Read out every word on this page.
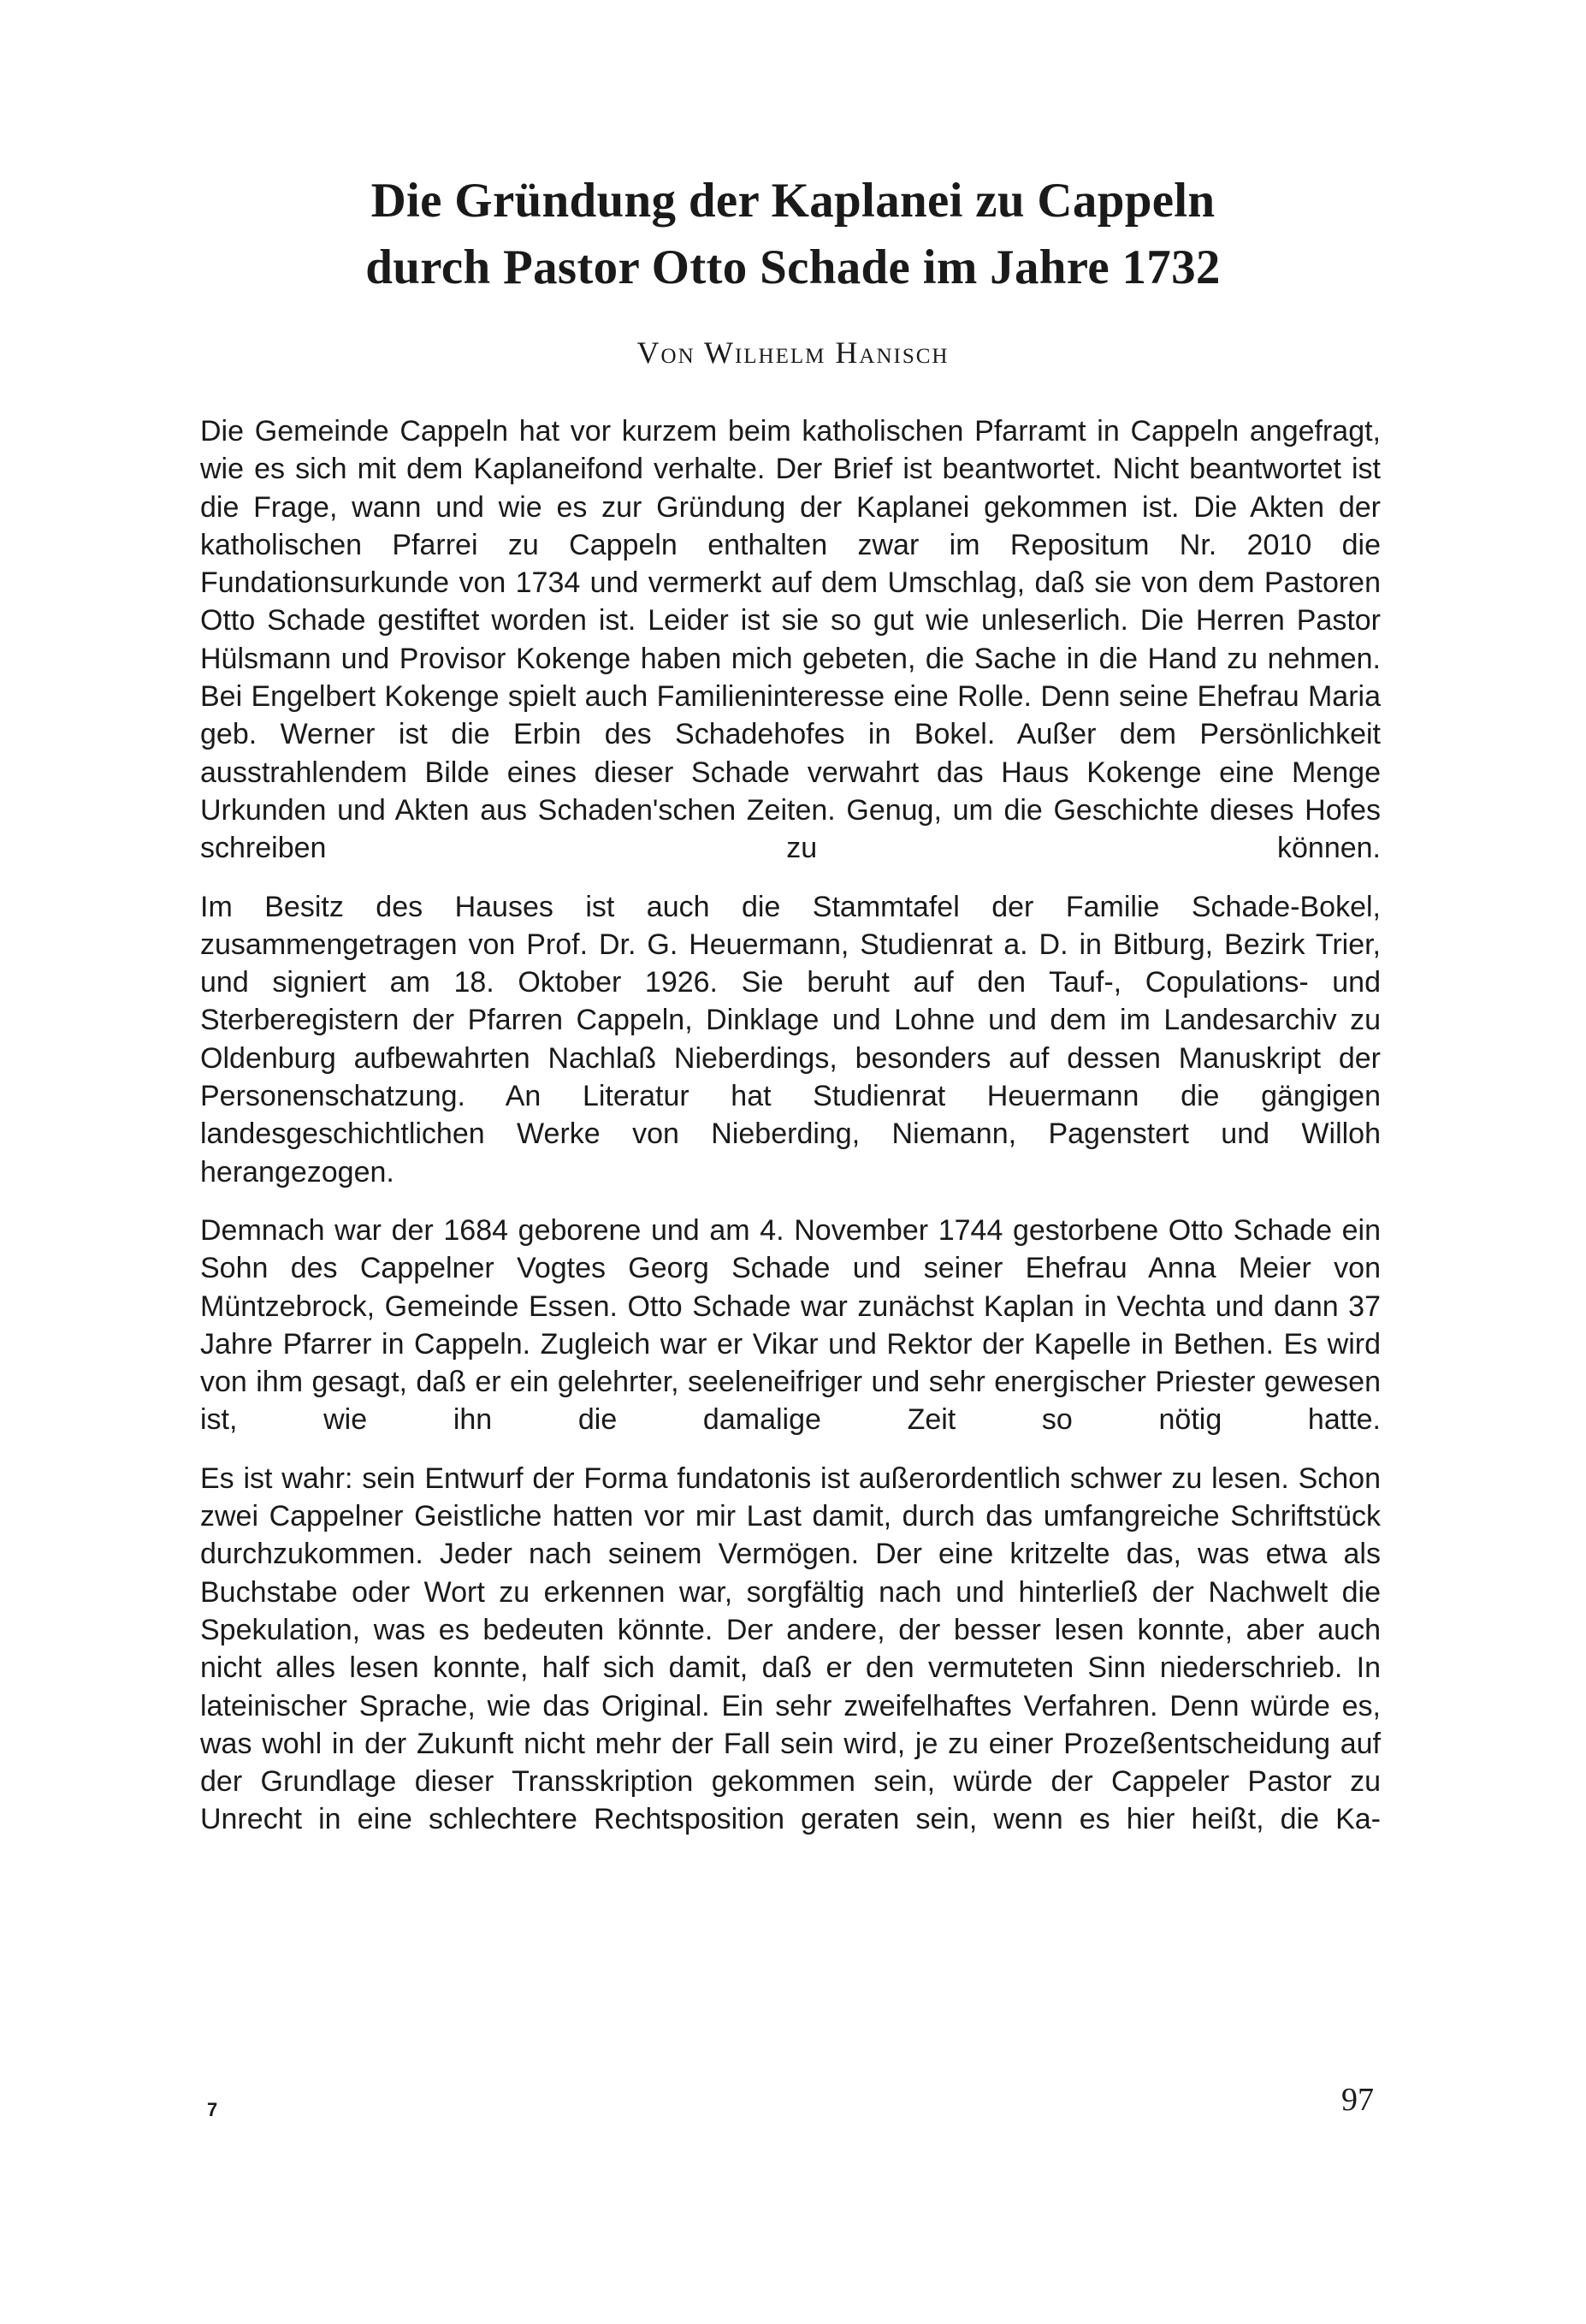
Die Gründung der Kaplanei zu Cappeln
durch Pastor Otto Schade im Jahre 1732

Von Wilhelm Hanisch

Die Gemeinde Cappeln hat vor kurzem beim katholischen Pfarramt in Cappeln angefragt, wie es sich mit dem Kaplaneifond verhalte. Der Brief ist beantwortet. Nicht beantwortet ist die Frage, wann und wie es zur Gründung der Kaplanei gekommen ist. Die Akten der katholischen Pfarrei zu Cappeln enthalten zwar im Repositum Nr. 2010 die Fundationsurkunde von 1734 und vermerkt auf dem Umschlag, daß sie von dem Pastoren Otto Schade gestiftet worden ist. Leider ist sie so gut wie unleserlich. Die Herren Pastor Hülsmann und Provisor Kokenge haben mich gebeten, die Sache in die Hand zu nehmen. Bei Engelbert Kokenge spielt auch Familieninteresse eine Rolle. Denn seine Ehefrau Maria geb. Werner ist die Erbin des Schadehofes in Bokel. Außer dem Persönlichkeit ausstrahlendem Bilde eines dieser Schade verwahrt das Haus Kokenge eine Menge Urkunden und Akten aus Schaden'schen Zeiten. Genug, um die Geschichte dieses Hofes schreiben zu können.

Im Besitz des Hauses ist auch die Stammtafel der Familie Schade-Bokel, zusammengetragen von Prof. Dr. G. Heuermann, Studienrat a. D. in Bitburg, Bezirk Trier, und signiert am 18. Oktober 1926. Sie beruht auf den Tauf-, Copulations- und Sterberegistern der Pfarren Cappeln, Dinklage und Lohne und dem im Landesarchiv zu Oldenburg aufbewahrten Nachlaß Nieberdings, besonders auf dessen Manuskript der Personenschatzung. An Literatur hat Studienrat Heuermann die gängigen landesgeschichtlichen Werke von Nieberding, Niemann, Pagenstert und Willoh herangezogen.

Demnach war der 1684 geborene und am 4. November 1744 gestorbene Otto Schade ein Sohn des Cappelner Vogtes Georg Schade und seiner Ehefrau Anna Meier von Müntzebrock, Gemeinde Essen. Otto Schade war zunächst Kaplan in Vechta und dann 37 Jahre Pfarrer in Cappeln. Zugleich war er Vikar und Rektor der Kapelle in Bethen. Es wird von ihm gesagt, daß er ein gelehrter, seeleneifriger und sehr energischer Priester gewesen ist, wie ihn die damalige Zeit so nötig hatte.

Es ist wahr: sein Entwurf der Forma fundatonis ist außerordentlich schwer zu lesen. Schon zwei Cappelner Geistliche hatten vor mir Last damit, durch das umfangreiche Schriftstück durchzukommen. Jeder nach seinem Vermögen. Der eine kritzelte das, was etwa als Buchstabe oder Wort zu erkennen war, sorgfältig nach und hinterließ der Nachwelt die Spekulation, was es bedeuten könnte. Der andere, der besser lesen konnte, aber auch nicht alles lesen konnte, half sich damit, daß er den vermuteten Sinn niederschrieb. In lateinischer Sprache, wie das Original. Ein sehr zweifelhaftes Verfahren. Denn würde es, was wohl in der Zukunft nicht mehr der Fall sein wird, je zu einer Prozeßentscheidung auf der Grundlage dieser Transskription gekommen sein, würde der Cappeler Pastor zu Unrecht in eine schlechtere Rechtsposition geraten sein, wenn es hier heißt, die Ka-

7	97
